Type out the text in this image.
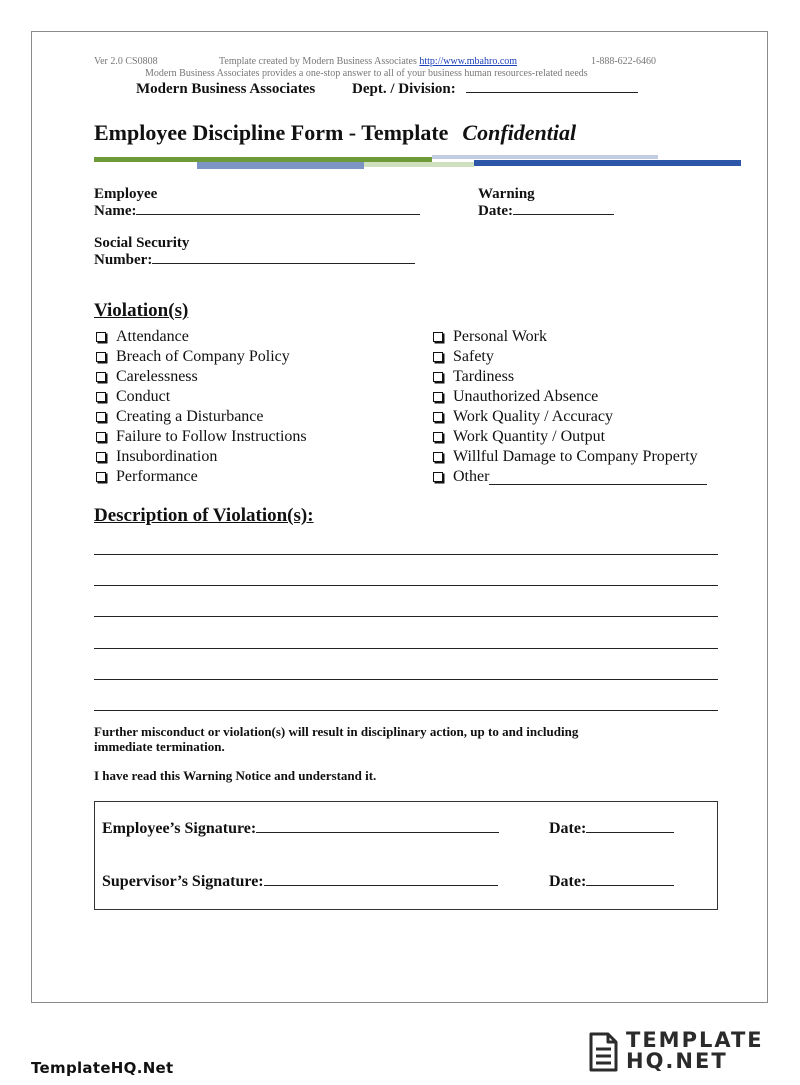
Ver 2.0 CS0808	Template created by Modern Business Associates http://www.mbahro.com	1-888-622-6460
Modern Business Associates provides a one-stop answer to all of your business human resources-related needs
Modern Business Associates Dept. / Division:
Employee Discipline Form - Template Confidential
Employee
Name:
Warning
Date:
Social Security
Number:
Violation(s)
Attendance
Breach of Company Policy
Carelessness
Conduct
Creating a Disturbance
Failure to Follow Instructions
Insubordination
Performance
Personal Work
Safety
Tardiness
Unauthorized Absence
Work Quality / Accuracy
Work Quantity / Output
Willful Damage to Company Property
Other
Description of Violation(s):
Further misconduct or violation(s) will result in disciplinary action, up to and including
immediate termination.
I have read this Warning Notice and understand it.
Employee’s Signature:	Date:
Supervisor’s Signature:	Date:
TemplateHQ.Net
TEMPLATE
HQ.NET
